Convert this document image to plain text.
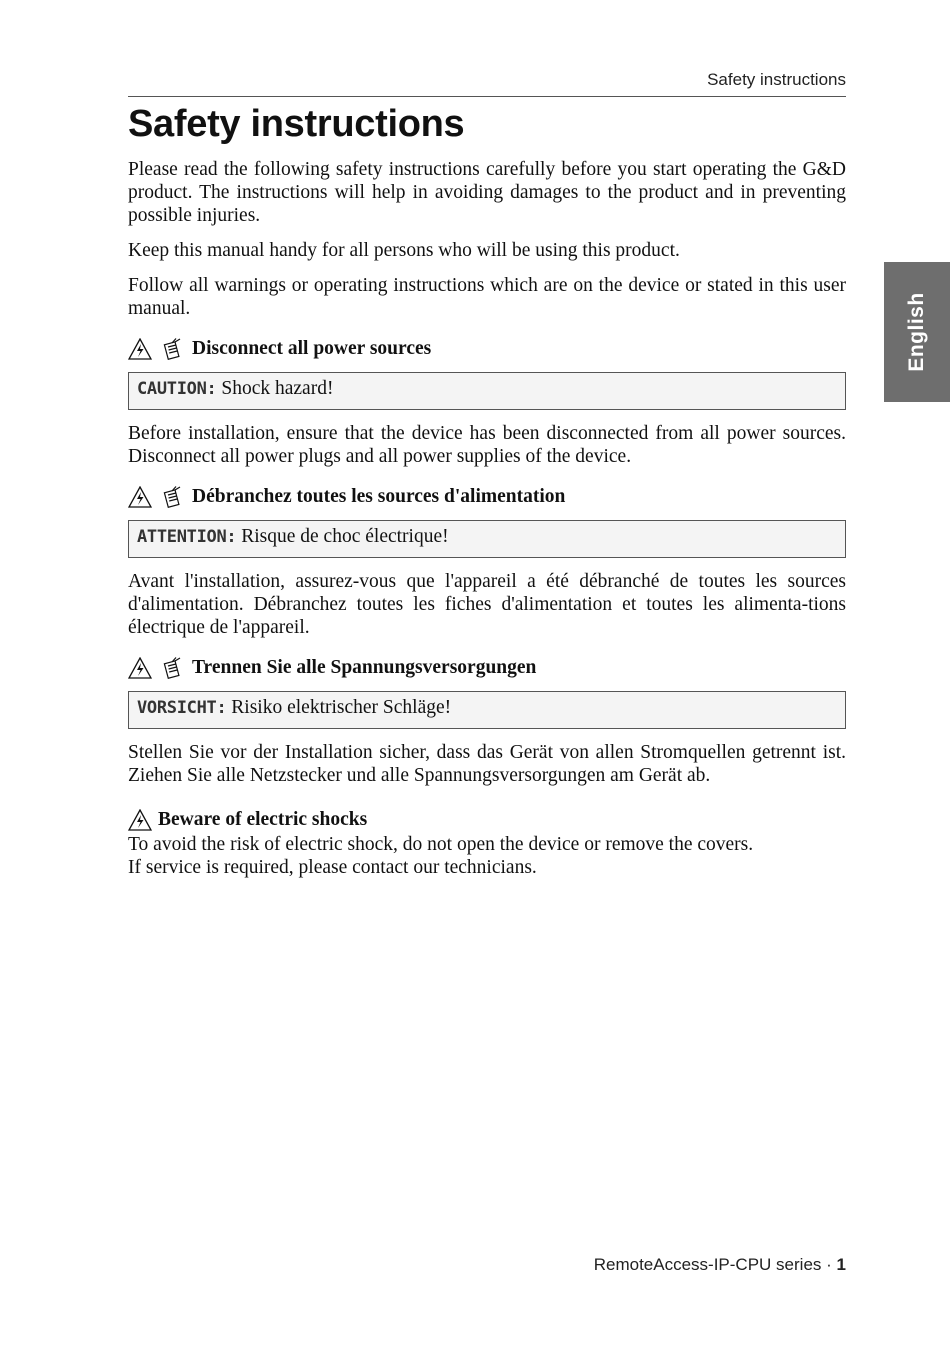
Safety instructions
English
Safety instructions

Please read the following safety instructions carefully before you start operating the G&D product. The instructions will help in avoiding damages to the product and in preventing possible injuries.

Keep this manual handy for all persons who will be using this product.

Follow all warnings or operating instructions which are on the device or stated in this user manual.

Disconnect all power sources
CAUTION: Shock hazard!

Before installation, ensure that the device has been disconnected from all power sources. Disconnect all power plugs and all power supplies of the device.

Débranchez toutes les sources d'alimentation
ATTENTION: Risque de choc électrique!

Avant l'installation, assurez-vous que l'appareil a été débranché de toutes les sources d'alimentation. Débranchez toutes les fiches d'alimentation et toutes les alimenta-tions électrique de l'appareil.

Trennen Sie alle Spannungsversorgungen
VORSICHT: Risiko elektrischer Schläge!

Stellen Sie vor der Installation sicher, dass das Gerät von allen Stromquellen getrennt ist. Ziehen Sie alle Netzstecker und alle Spannungsversorgungen am Gerät ab.

Beware of electric shocks

To avoid the risk of electric shock, do not open the device or remove the covers.

If service is required, please contact our technicians.

RemoteAccess-IP-CPU series · 1
